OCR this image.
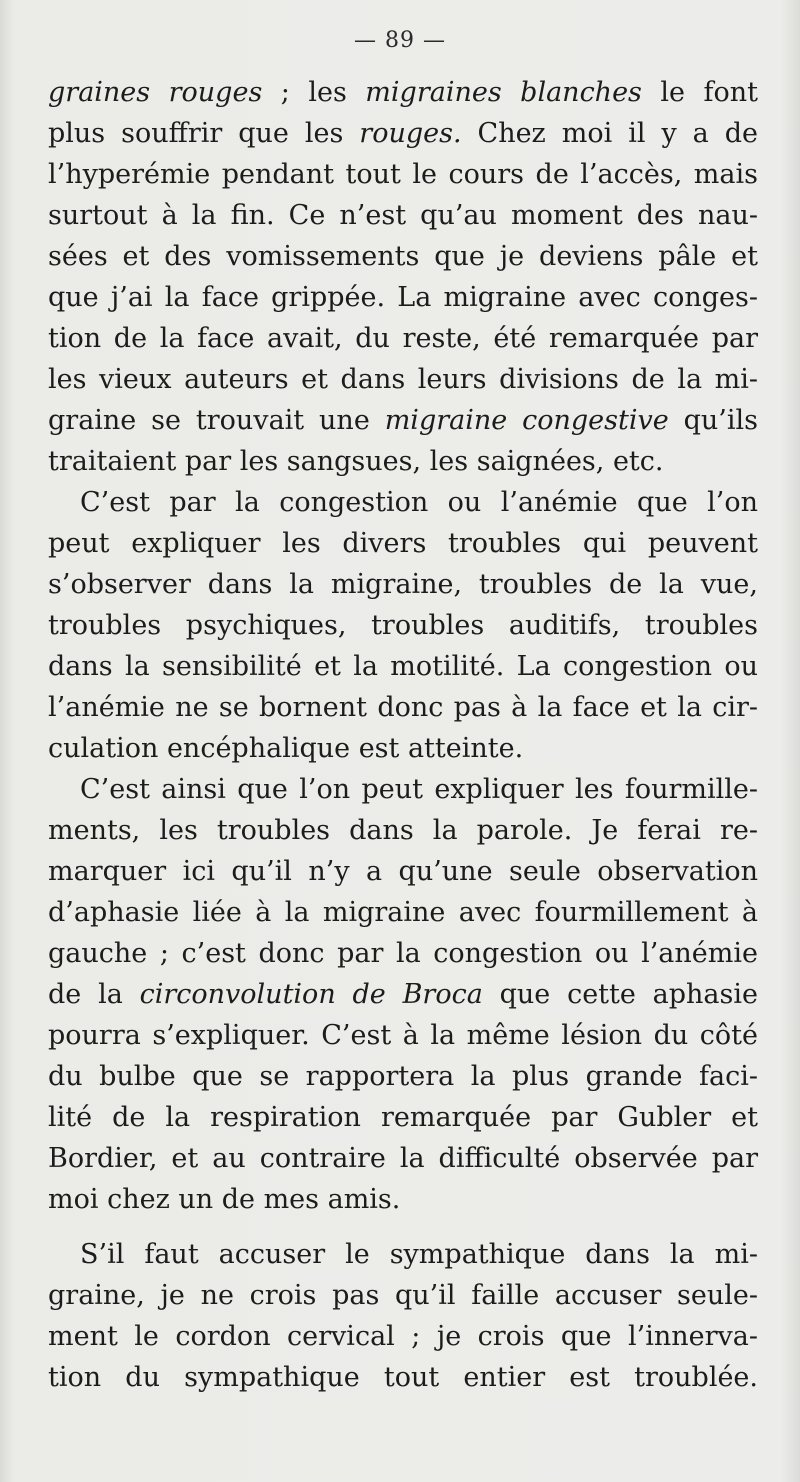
— 89 —
graines rouges ; les migraines blanches le font
plus souffrir que les rouges. Chez moi il y a de
l’hyperémie pendant tout le cours de l’accès, mais
surtout à la fin. Ce n’est qu’au moment des nau-
sées et des vomissements que je deviens pâle et
que j’ai la face grippée. La migraine avec conges-
tion de la face avait, du reste, été remarquée par
les vieux auteurs et dans leurs divisions de la mi-
graine se trouvait une migraine congestive qu’ils
traitaient par les sangsues, les saignées, etc.
C’est par la congestion ou l’anémie que l’on
peut expliquer les divers troubles qui peuvent
s’observer dans la migraine, troubles de la vue,
troubles psychiques, troubles auditifs, troubles
dans la sensibilité et la motilité. La congestion ou
l’anémie ne se bornent donc pas à la face et la cir-
culation encéphalique est atteinte.
C’est ainsi que l’on peut expliquer les fourmille-
ments, les troubles dans la parole. Je ferai re-
marquer ici qu’il n’y a qu’une seule observation
d’aphasie liée à la migraine avec fourmillement à
gauche ; c’est donc par la congestion ou l’anémie
de la circonvolution de Broca que cette aphasie
pourra s’expliquer. C’est à la même lésion du côté
du bulbe que se rapportera la plus grande faci-
lité de la respiration remarquée par Gubler et
Bordier, et au contraire la difficulté observée par
moi chez un de mes amis.
S’il faut accuser le sympathique dans la mi-
graine, je ne crois pas qu’il faille accuser seule-
ment le cordon cervical ; je crois que l’innerva-
tion du sympathique tout entier est troublée.
